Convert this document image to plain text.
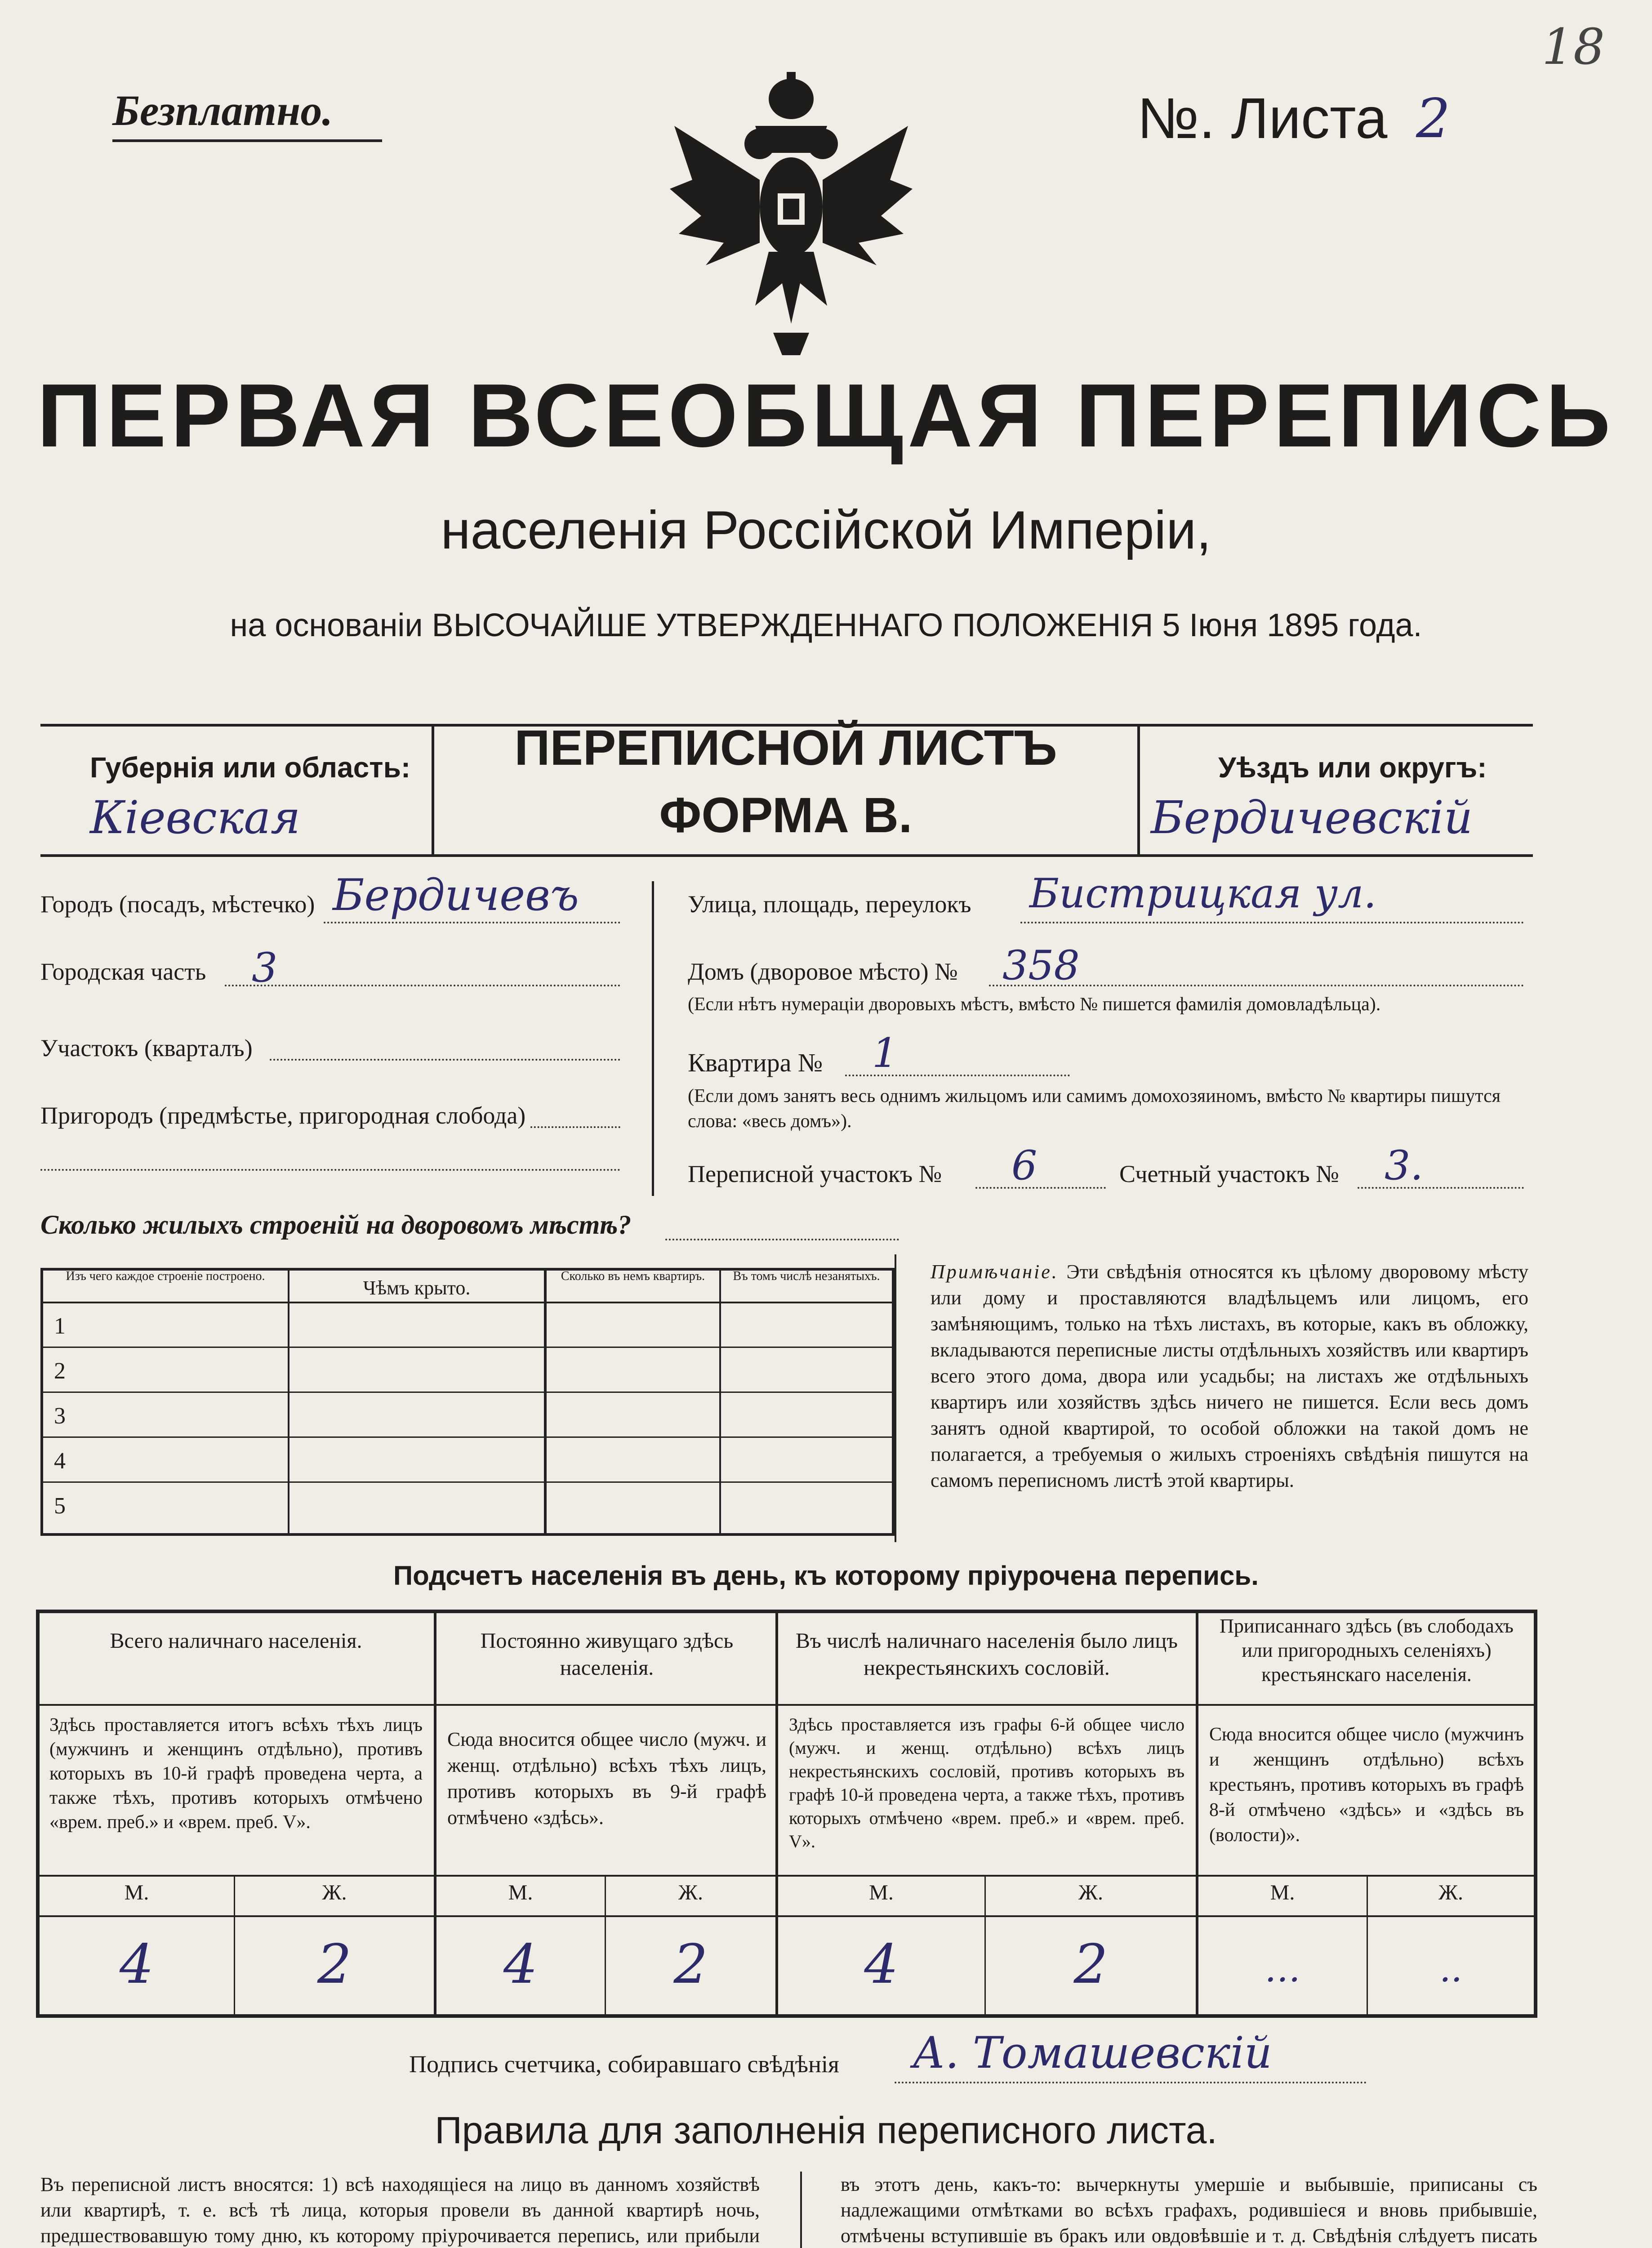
Безплатно.	№. Листа 2
18
ПЕРВАЯ ВСЕОБЩАЯ ПЕРЕПИСЬ
населенія Россійской Имперіи,
на основаніи ВЫСОЧАЙШЕ УТВЕРЖДЕННАГО ПОЛОЖЕНІЯ 5 Іюня 1895 года.
Губернія или область:
Кіевская
ПЕРЕПИСНОЙ ЛИСТЪ
ФОРМА В.
Уѣздъ или округъ:
Бердичевскій
Городъ (посадъ, мѣстечко) Бердичевъ
Городская часть 3
Участокъ (кварталъ)
Пригородъ (предмѣстье, пригородная слобода)
Улица, площадь, переулокъ Бистрицкая ул.
Домъ (дворовое мѣсто) № 358
(Если нѣтъ нумераціи дворовыхъ мѣстъ, вмѣсто № пишется фамилія домовладѣльца).
Квартира № 1
(Если домъ занятъ весь однимъ жильцомъ или самимъ домохозяиномъ, вмѣсто № квартиры пишутся слова: «весь домъ»).
Переписной участокъ № 6	Счетный участокъ № 3.
Сколько жилыхъ строеній на дворовомъ мѣстѣ?
Изъ чего каждое строеніе построено.
Чѣмъ крыто.
Сколько въ немъ квартиръ.	Въ томъ числѣ незанятыхъ.
1
2
3
4
5
Примѣчаніе. Эти свѣдѣнія относятся къ цѣлому дворовому мѣсту или дому и проставляются владѣльцемъ или лицомъ, его замѣняющимъ, только на тѣхъ листахъ, въ которые, какъ въ обложку, вкладываются переписные листы отдѣльныхъ хозяйствъ или квартиръ всего этого дома, двора или усадьбы; на листахъ же отдѣльныхъ квартиръ или хозяйствъ здѣсь ничего не пишется. Если весь домъ занятъ одной квартирой, то особой обложки на такой домъ не полагается, а требуемыя о жилыхъ строеніяхъ свѣдѣнія пишутся на самомъ переписномъ листѣ этой квартиры.
Подсчетъ населенія въ день, къ которому пріурочена перепись.
Всего наличнаго населенія.
Здѣсь проставляется итогъ всѣхъ тѣхъ лицъ (мужчинъ и женщинъ отдѣльно), противъ которыхъ въ 10-й графѣ проведена черта, а также тѣхъ, противъ которыхъ отмѣчено «врем. преб.» и «врем. преб. V».
М.	Ж.
4	2
Постоянно живущаго здѣсь населенія.
Сюда вносится общее число (мужч. и женщ. отдѣльно) всѣхъ тѣхъ лицъ, противъ которыхъ въ 9-й графѣ отмѣчено «здѣсь».
М.	Ж.
4	2
Въ числѣ наличнаго населенія было лицъ некрестьянскихъ сословій.
Здѣсь проставляется изъ графы 6-й общее число (мужч. и женщ. отдѣльно) всѣхъ лицъ некрестьянскихъ сословій, противъ которыхъ въ графѣ 10-й проведена черта, а также тѣхъ, противъ которыхъ отмѣчено «врем. преб.» и «врем. преб. V».
М.	Ж.
4	2
Приписаннаго здѣсь (въ слободахъ или пригородныхъ селеніяхъ) крестьянскаго населенія.
Сюда вносится общее число (мужчинъ и женщинъ отдѣльно) всѣхъ крестьянъ, противъ которыхъ въ графѣ 8-й отмѣчено «здѣсь» и «здѣсь въ (волости)».
М.	Ж.
…	..
Подпись счетчика, собиравшаго свѣдѣнія А. Томашевскій
Правила для заполненія переписного листа.
Въ переписной листъ вносятся: 1) всѣ находящіеся на лицо въ данномъ хозяйствѣ или квартирѣ, т. е. всѣ тѣ лица, которыя провели въ данной квартирѣ ночь, предшествовавшую тому дню, къ которому пріурочивается перепись, или прибыли
въ этотъ день, какъ-то: вычеркнуты умершіе и выбывшіе, приписаны съ надлежащими отмѣтками во всѣхъ графахъ, родившіеся и вновь прибывшіе, отмѣчены вступившіе въ бракъ или овдовѣвшіе и т. д. Свѣдѣнія слѣдуетъ писать
